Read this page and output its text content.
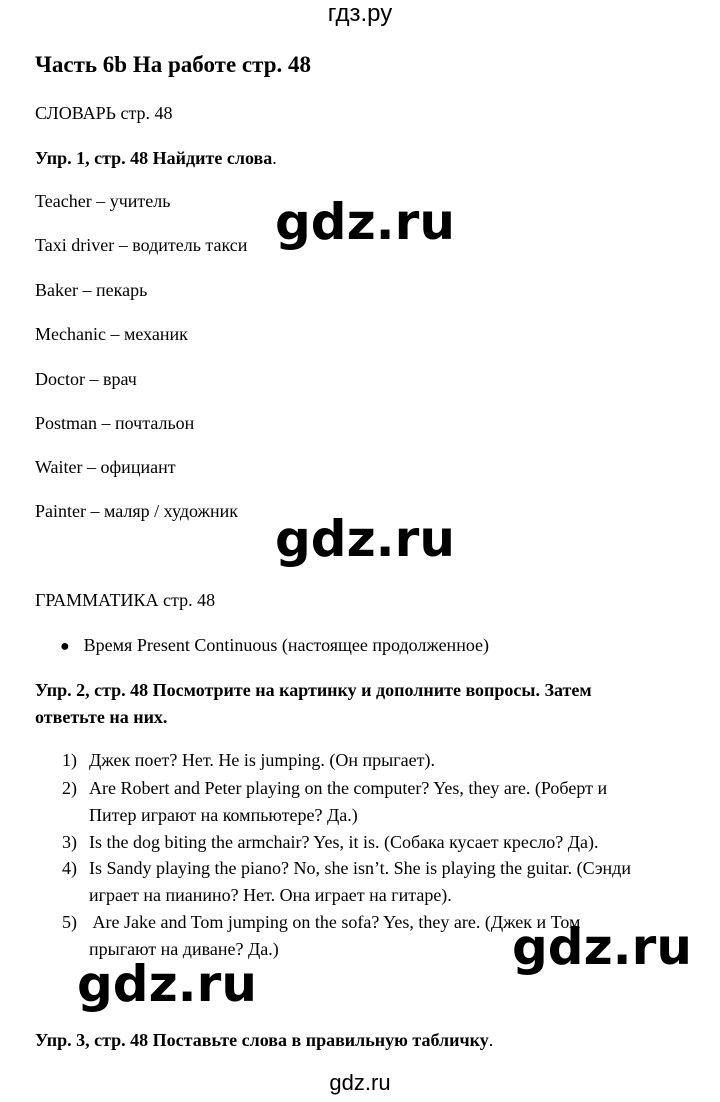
гдз.ру
Часть 6b На работе стр. 48
СЛОВАРЬ стр. 48
Упр. 1, стр. 48 Найдите слова.
Teacher – учитель
Taxi driver – водитель такси
Baker – пекарь
Mechanic – механик
Doctor – врач
Postman – почтальон
Waiter – официант
Painter – маляр / художник
ГРАММАТИКА стр. 48
● Время Present Continuous (настоящее продолженное)
Упр. 2, стр. 48 Посмотрите на картинку и дополните вопросы. Затем
ответьте на них.
1) Джек поет? Нет. He is jumping. (Он прыгает).
2) Are Robert and Peter playing on the computer? Yes, they are. (Роберт и
Питер играют на компьютере? Да.)
3) Is the dog biting the armchair? Yes, it is. (Собака кусает кресло? Да).
4) Is Sandy playing the piano? No, she isn’t. She is playing the guitar. (Сэнди
играет на пианино? Нет. Она играет на гитаре).
5) Are Jake and Tom jumping on the sofa? Yes, they are. (Джек и Том
прыгают на диване? Да.)
Упр. 3, стр. 48 Поставьте слова в правильную табличку.
gdz.ru
gdz.ru
gdz.ru
gdz.ru
gdz.ru
